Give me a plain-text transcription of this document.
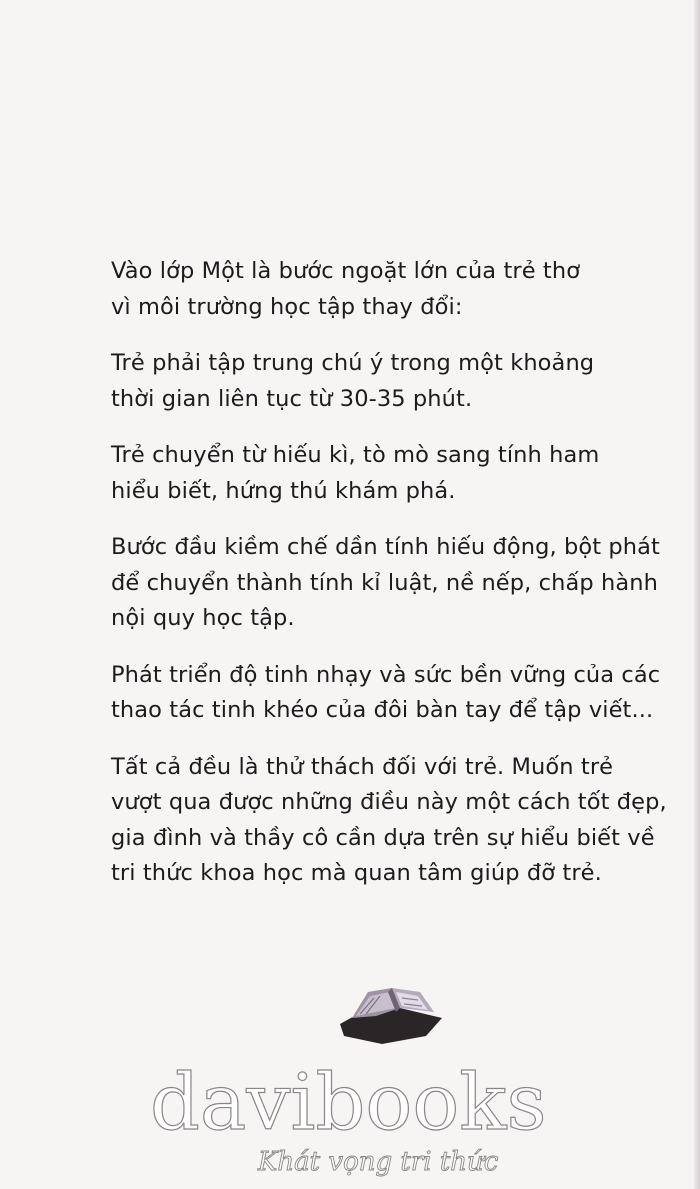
Vào lớp Một là bước ngoặt lớn của trẻ thơ
vì môi trường học tập thay đổi:

Trẻ phải tập trung chú ý trong một khoảng
thời gian liên tục từ 30-35 phút.

Trẻ chuyển từ hiếu kì, tò mò sang tính ham
hiểu biết, hứng thú khám phá.

Bước đầu kiềm chế dần tính hiếu động, bột phát
để chuyển thành tính kỉ luật, nề nếp, chấp hành
nội quy học tập.

Phát triển độ tinh nhạy và sức bền vững của các
thao tác tinh khéo của đôi bàn tay để tập viết...

Tất cả đều là thử thách đối với trẻ. Muốn trẻ
vượt qua được những điều này một cách tốt đẹp,
gia đình và thầy cô cần dựa trên sự hiểu biết về
tri thức khoa học mà quan tâm giúp đỡ trẻ.

davibooks
Khát vọng tri thức
